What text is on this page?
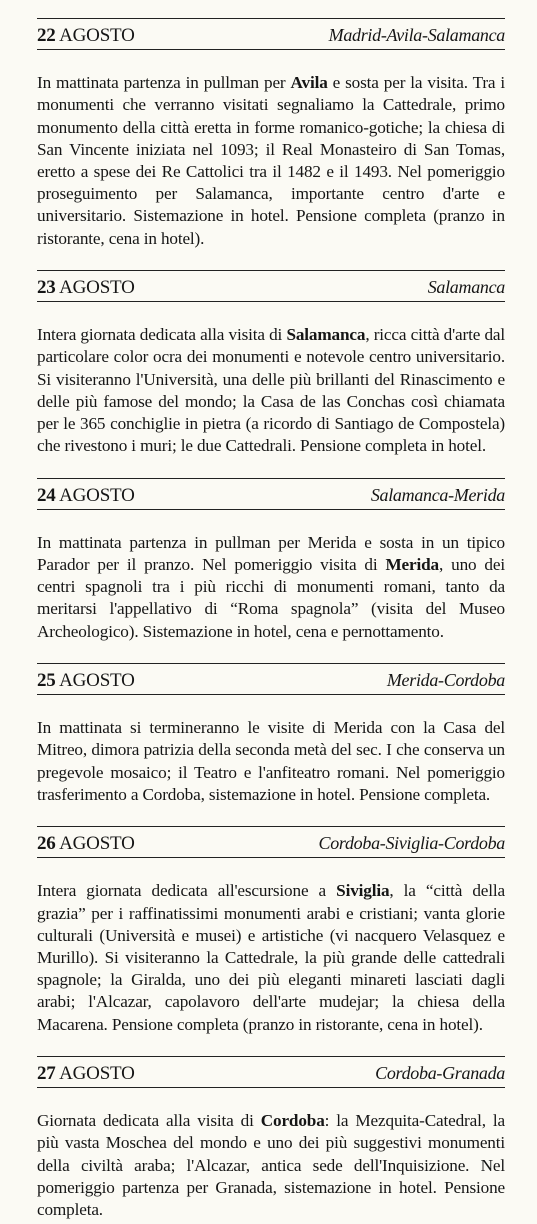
22 AGOSTO	Madrid-Avila-Salamanca

In mattinata partenza in pullman per Avila e sosta per la visita. Tra i monumenti che verranno visitati segnaliamo la Cattedrale, primo monumento della città eretta in forme romanico-gotiche; la chiesa di San Vincente iniziata nel 1093; il Real Monasteiro di San Tomas, eretto a spese dei Re Cattolici tra il 1482 e il 1493. Nel pomeriggio proseguimento per Salamanca, importante centro d'arte e universitario. Sistemazione in hotel. Pensione completa (pranzo in ristorante, cena in hotel).

23 AGOSTO	Salamanca

Intera giornata dedicata alla visita di Salamanca, ricca città d'arte dal particolare color ocra dei monumenti e notevole centro universitario. Si visiteranno l'Università, una delle più brillanti del Rinascimento e delle più famose del mondo; la Casa de las Conchas così chiamata per le 365 conchiglie in pietra (a ricordo di Santiago de Compostela) che rivestono i muri; le due Cattedrali. Pensione completa in hotel.

24 AGOSTO	Salamanca-Merida

In mattinata partenza in pullman per Merida e sosta in un tipico Parador per il pranzo. Nel pomeriggio visita di Merida, uno dei centri spagnoli tra i più ricchi di monumenti romani, tanto da meritarsi l'appellativo di “Roma spagnola” (visita del Museo Archeologico). Sistemazione in hotel, cena e pernottamento.

25 AGOSTO	Merida-Cordoba

In mattinata si termineranno le visite di Merida con la Casa del Mitreo, dimora patrizia della seconda metà del sec. I che conserva un pregevole mosaico; il Teatro e l'anfiteatro romani. Nel pomeriggio trasferimento a Cordoba, sistemazione in hotel. Pensione completa.

26 AGOSTO	Cordoba-Siviglia-Cordoba

Intera giornata dedicata all'escursione a Siviglia, la “città della grazia” per i raffinatissimi monumenti arabi e cristiani; vanta glorie culturali (Università e musei) e artistiche (vi nacquero Velasquez e Murillo). Si visiteranno la Cattedrale, la più grande delle cattedrali spagnole; la Giralda, uno dei più eleganti minareti lasciati dagli arabi; l'Alcazar, capolavoro dell'arte mudejar; la chiesa della Macarena. Pensione completa (pranzo in ristorante, cena in hotel).

27 AGOSTO	Cordoba-Granada

Giornata dedicata alla visita di Cordoba: la Mezquita-Catedral, la più vasta Moschea del mondo e uno dei più suggestivi monumenti della civiltà araba; l'Alcazar, antica sede dell'Inquisizione. Nel pomeriggio partenza per Granada, sistemazione in hotel. Pensione completa.
